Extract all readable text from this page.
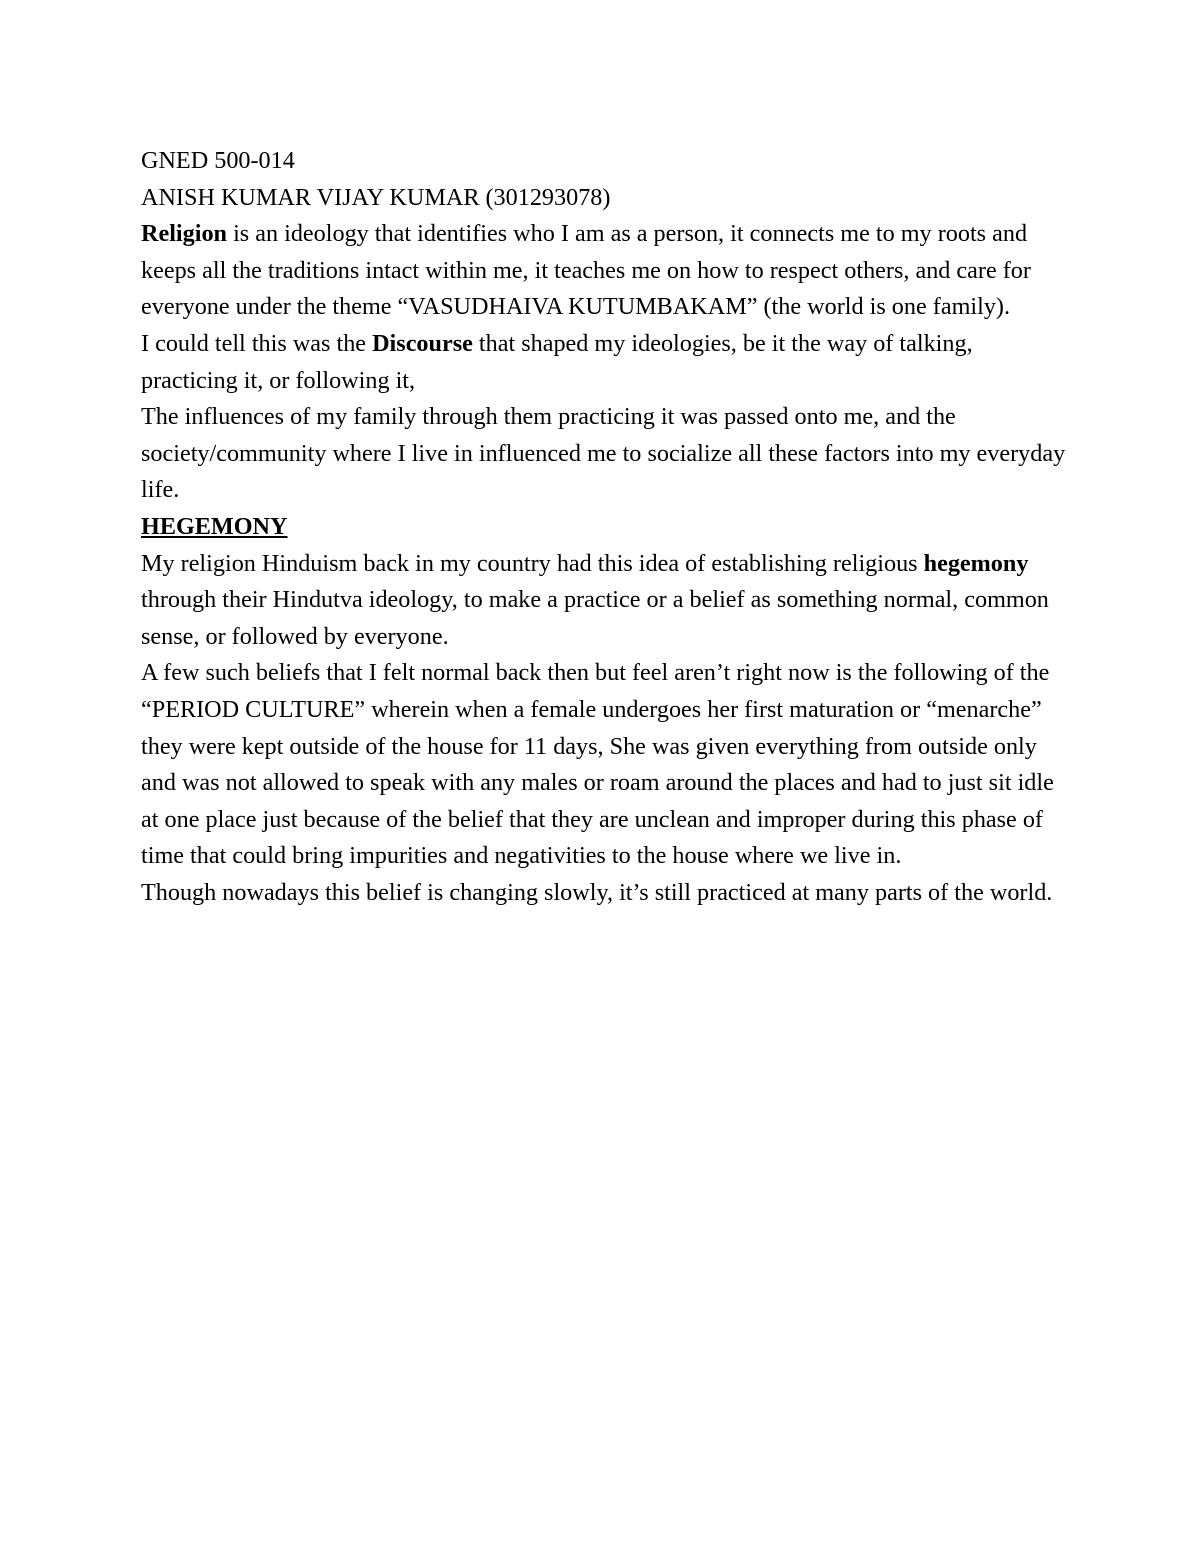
GNED 500-014

ANISH KUMAR VIJAY KUMAR (301293078)

Religion is an ideology that identifies who I am as a person, it connects me to my roots and keeps all the traditions intact within me, it teaches me on how to respect others, and care for everyone under the theme “VASUDHAIVA KUTUMBAKAM” (the world is one family).

I could tell this was the Discourse that shaped my ideologies, be it the way of talking, practicing it, or following it,

The influences of my family through them practicing it was passed onto me, and the society/community where I live in influenced me to socialize all these factors into my everyday life.

HEGEMONY

My religion Hinduism back in my country had this idea of establishing religious hegemony through their Hindutva ideology, to make a practice or a belief as something normal, common sense, or followed by everyone.

A few such beliefs that I felt normal back then but feel aren’t right now is the following of the “PERIOD CULTURE” wherein when a female undergoes her first maturation or “menarche” they were kept outside of the house for 11 days, She was given everything from outside only and was not allowed to speak with any males or roam around the places and had to just sit idle at one place just because of the belief that they are unclean and improper during this phase of time that could bring impurities and negativities to the house where we live in.

Though nowadays this belief is changing slowly, it’s still practiced at many parts of the world.
